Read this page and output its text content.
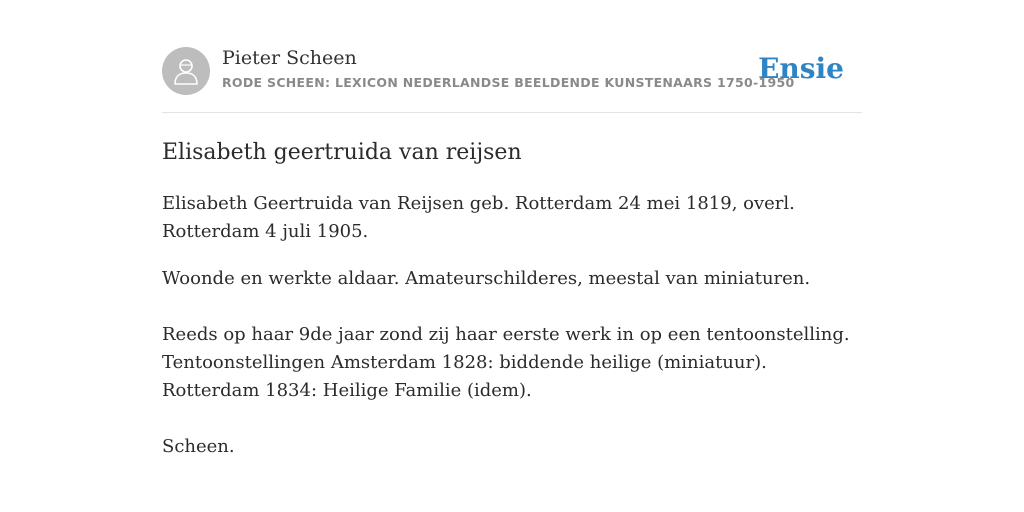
Pieter Scheen
RODE SCHEEN: LEXICON NEDERLANDSE BEELDENDE KUNSTENAARS 1750-1950
Ensie
Elisabeth geertruida van reijsen

Elisabeth Geertruida van Reijsen geb. Rotterdam 24 mei 1819, overl. Rotterdam 4 juli 1905.

Woonde en werkte aldaar. Amateurschilderes, meestal van miniaturen.

Reeds op haar 9de jaar zond zij haar eerste werk in op een tentoonstelling. Tentoonstellingen Amsterdam 1828: biddende heilige (miniatuur). Rotterdam 1834: Heilige Familie (idem).

Scheen.
